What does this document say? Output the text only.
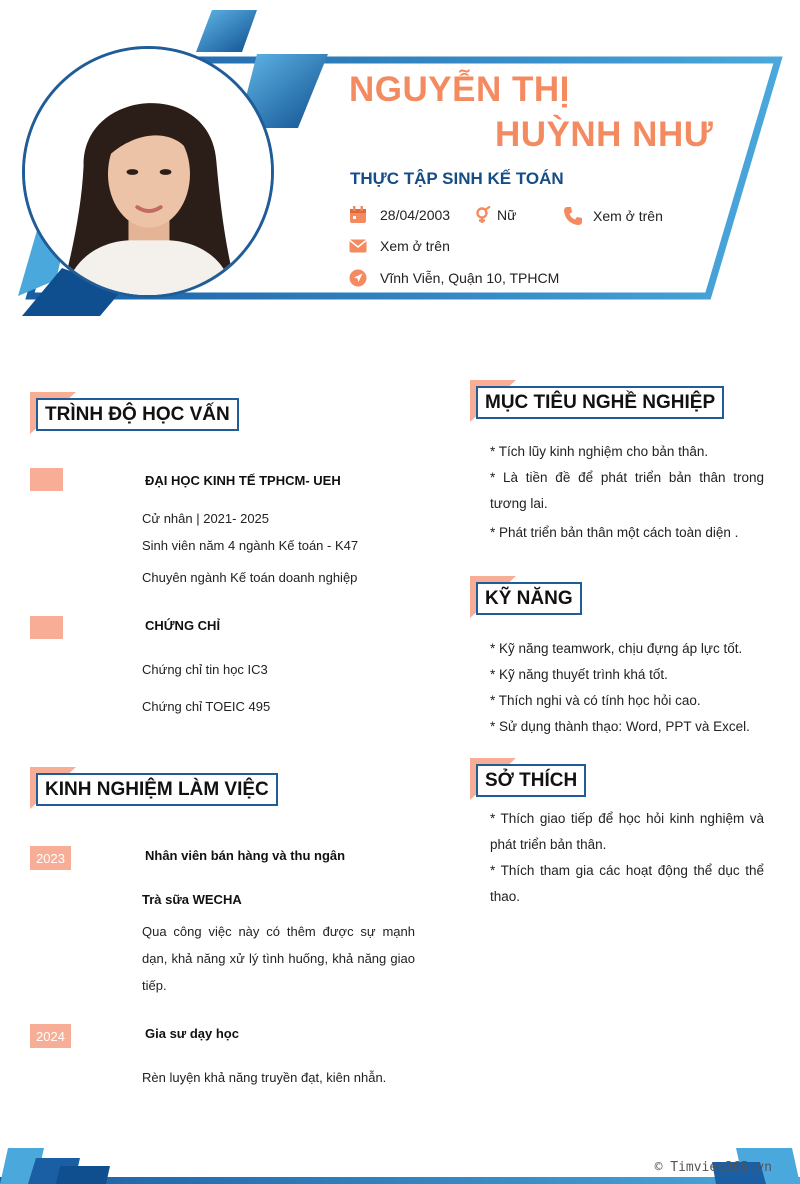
NGUYỄN THỊ
HUỲNH NHƯ
THỰC TẬP SINH KẾ TOÁN
28/04/2003	Nữ	Xem ở trên
Xem ở trên
Vĩnh Viễn, Quận 10, TPHCM
TRÌNH ĐỘ HỌC VẤN
ĐẠI HỌC KINH TẾ TPHCM- UEH
Cử nhân | 2021- 2025
Sinh viên năm 4 ngành Kế toán - K47
Chuyên ngành Kế toán doanh nghiệp
CHỨNG CHỈ
Chứng chỉ tin học IC3
Chứng chỉ TOEIC 495
KINH NGHIỆM LÀM VIỆC
2023	Nhân viên bán hàng và thu ngân
Trà sữa WECHA
Qua công việc này có thêm được sự mạnh dạn, khả năng xử lý tình huống, khả năng giao tiếp.
2024	Gia sư dạy học
Rèn luyện khả năng truyền đạt, kiên nhẫn.
MỤC TIÊU NGHỀ NGHIỆP
* Tích lũy kinh nghiệm cho bản thân.
* Là tiền đề để phát triển bản thân trong tương lai.
* Phát triển bản thân một cách toàn diện .
KỸ NĂNG
* Kỹ năng teamwork, chịu đựng áp lực tốt.
* Kỹ năng thuyết trình khá tốt.
* Thích nghi và có tính học hỏi cao.
* Sử dụng thành thạo: Word, PPT và Excel.
SỞ THÍCH
* Thích giao tiếp để học hỏi kinh nghiệm và phát triển bản thân.
* Thích tham gia các hoạt động thể dục thể thao.
© Timviec365.vn
